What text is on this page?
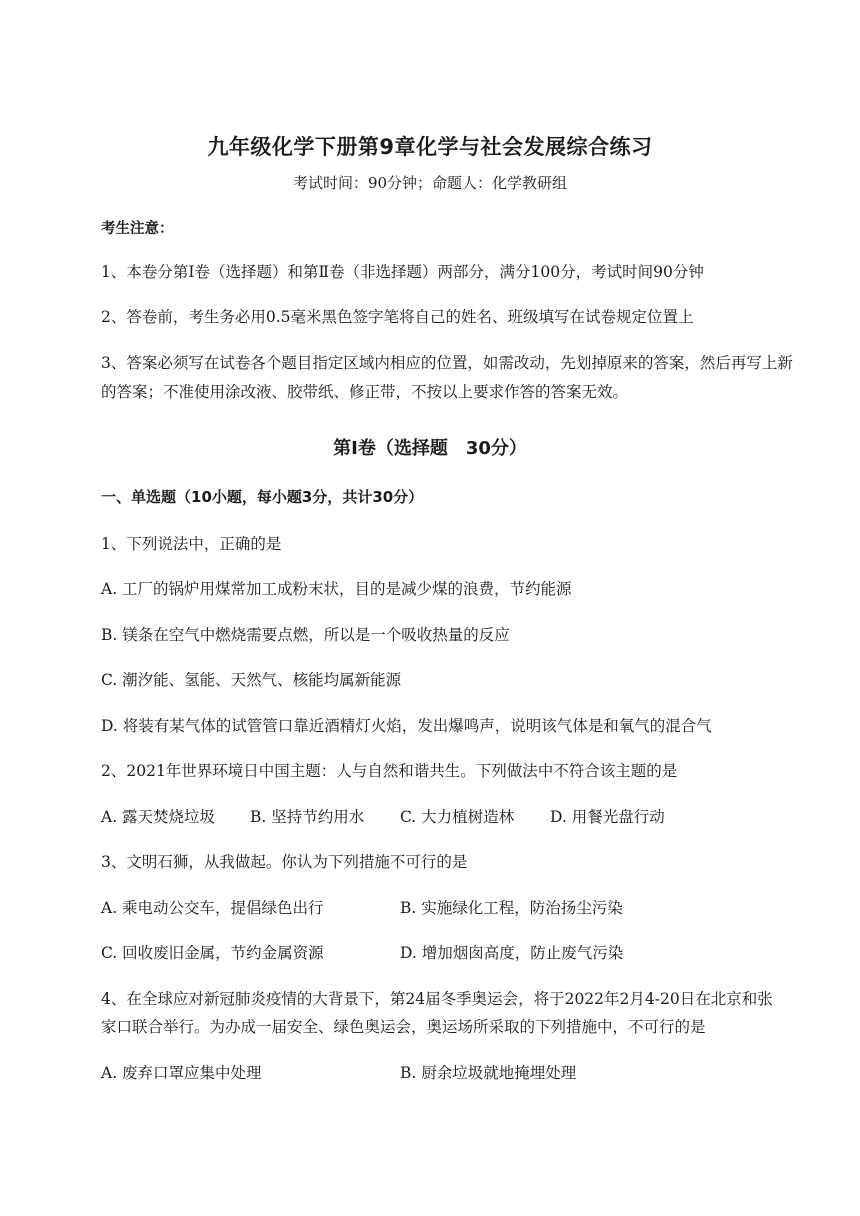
九年级化学下册第9章化学与社会发展综合练习
考试时间：90分钟；命题人：化学教研组
考生注意：
1、本卷分第Ⅰ卷（选择题）和第Ⅱ卷（非选择题）两部分，满分100分，考试时间90分钟
2、答卷前，考生务必用0.5毫米黑色签字笔将自己的姓名、班级填写在试卷规定位置上
3、答案必须写在试卷各个题目指定区域内相应的位置，如需改动，先划掉原来的答案，然后再写上新
的答案；不准使用涂改液、胶带纸、修正带，不按以上要求作答的答案无效。
第Ⅰ卷（选择题　30分）
一、单选题（10小题，每小题3分，共计30分）
1、下列说法中，正确的是
A. 工厂的锅炉用煤常加工成粉末状，目的是减少煤的浪费，节约能源
B. 镁条在空气中燃烧需要点燃，所以是一个吸收热量的反应
C. 潮汐能、氢能、天然气、核能均属新能源
D. 将装有某气体的试管管口靠近酒精灯火焰，发出爆鸣声，说明该气体是和氧气的混合气
2、2021年世界环境日中国主题：人与自然和谐共生。下列做法中不符合该主题的是
A. 露天焚烧垃圾 B. 坚持节约用水 C. 大力植树造林 D. 用餐光盘行动
3、文明石狮，从我做起。你认为下列措施不可行的是
A. 乘电动公交车，提倡绿色出行	B. 实施绿化工程，防治扬尘污染
C. 回收废旧金属，节约金属资源	D. 增加烟囱高度，防止废气污染
4、在全球应对新冠肺炎疫情的大背景下，第24届冬季奥运会，将于2022年2月4-20日在北京和张
家口联合举行。为办成一届安全、绿色奥运会，奥运场所采取的下列措施中，不可行的是
A. 废弃口罩应集中处理	B. 厨余垃圾就地掩埋处理
